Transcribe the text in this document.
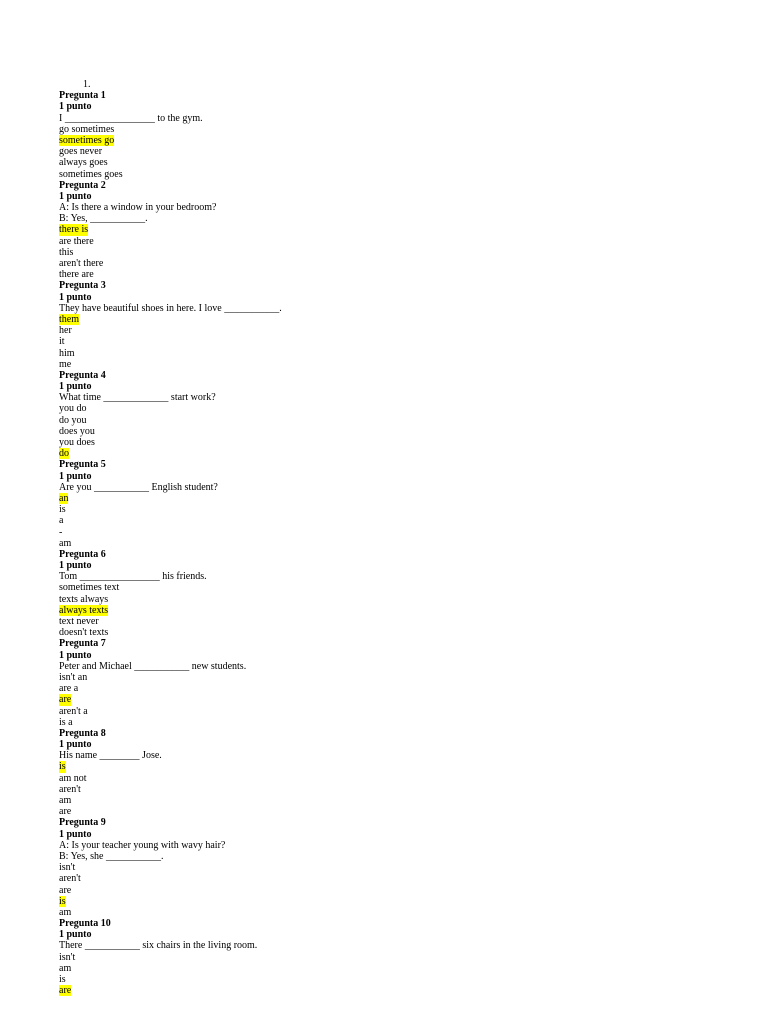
1.
Pregunta 1
1 punto
I __________________ to the gym.
go sometimes
sometimes go
goes never
always goes
sometimes goes
Pregunta 2
1 punto
A: Is there a window in your bedroom?
B: Yes, ___________.
there is
are there
this
aren't there
there are
Pregunta 3
1 punto
They have beautiful shoes in here. I love ___________.
them
her
it
him
me
Pregunta 4
1 punto
What time _____________ start work?
you do
do you
does you
you does
do
Pregunta 5
1 punto
Are you ___________ English student?
an
is
a
-
am
Pregunta 6
1 punto
Tom ________________ his friends.
sometimes text
texts always
always texts
text never
doesn't texts
Pregunta 7
1 punto
Peter and Michael ___________ new students.
isn't an
are a
are
aren't a
is a
Pregunta 8
1 punto
His name ________ Jose.
is
am not
aren't
am
are
Pregunta 9
1 punto
A: Is your teacher young with wavy hair?
B: Yes, she ___________.
isn't
aren't
are
is
am
Pregunta 10
1 punto
There ___________ six chairs in the living room.
isn't
am
is
are
